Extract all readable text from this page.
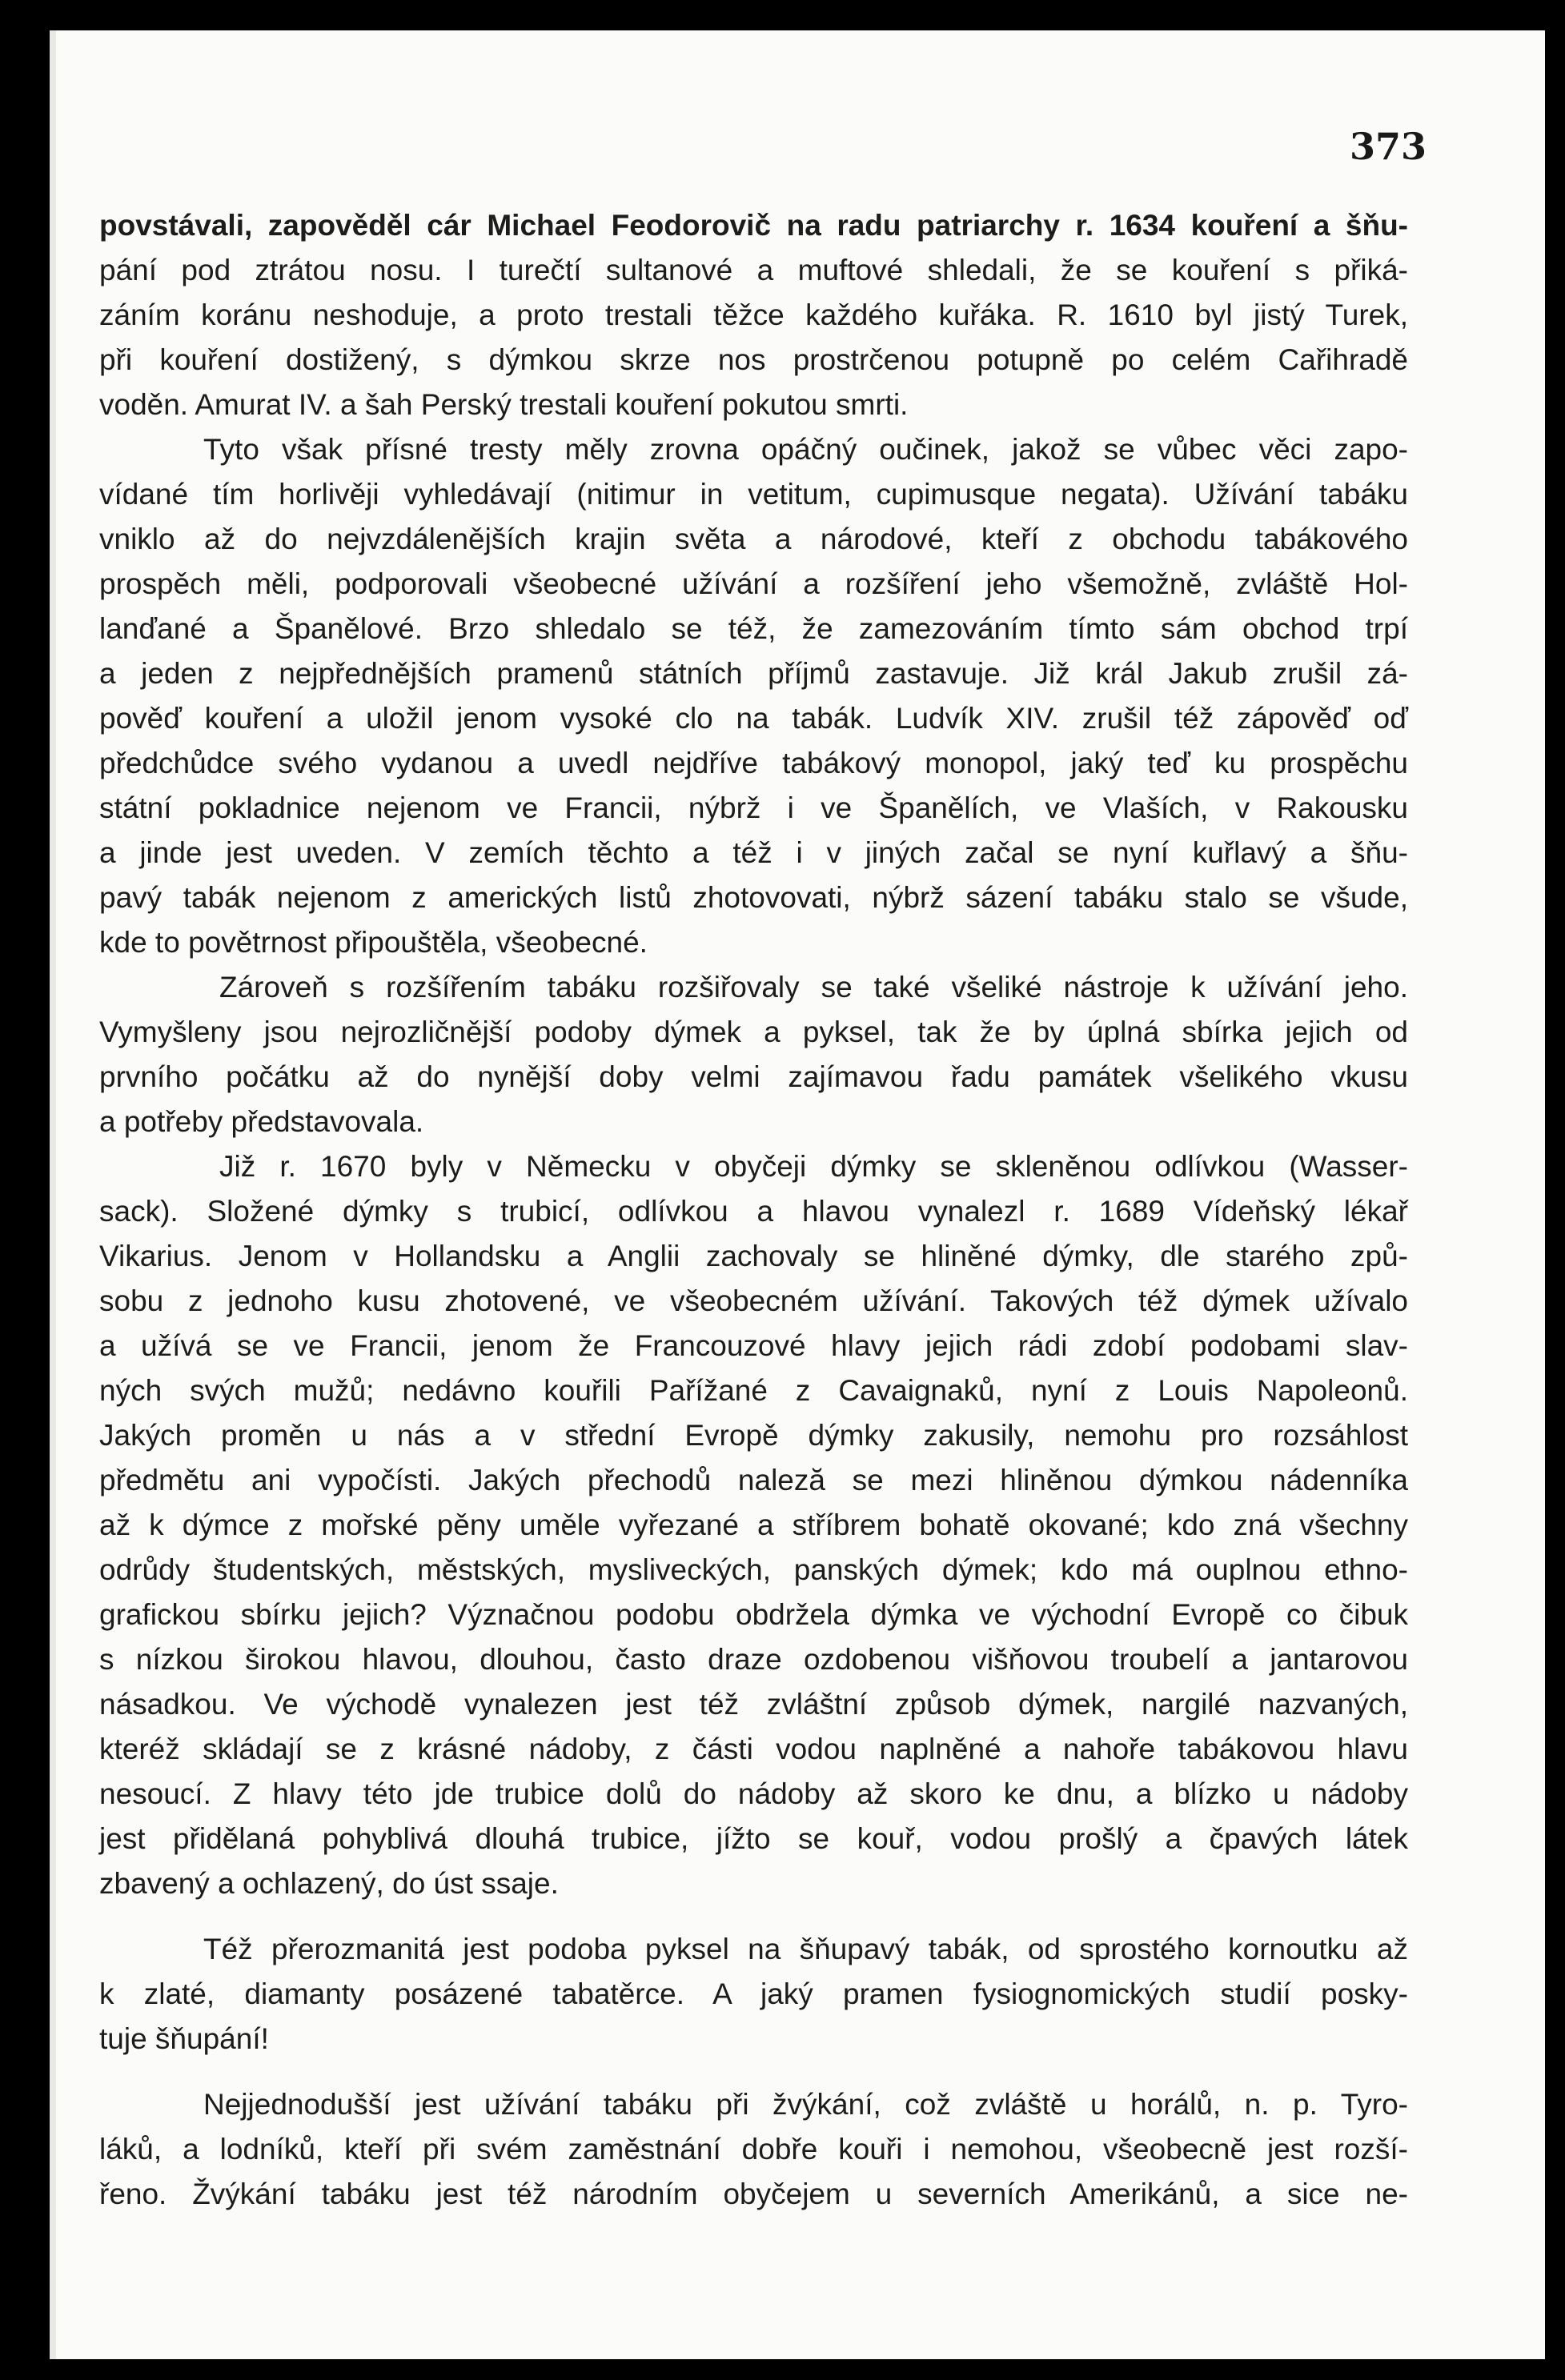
373
povstávali, zapověděl cár Michael Feodorovič na radu patriarchy r. 1634 kouření a šňu-
pání pod ztrátou nosu. I turečtí sultanové a muftové shledali, že se kouření s přiká-
záním koránu neshoduje, a proto trestali těžce každého kuřáka. R. 1610 byl jistý Turek,
při kouření dostižený, s dýmkou skrze nos prostrčenou potupně po celém Cařihradě
voděn. Amurat IV. a šah Perský trestali kouření pokutou smrti.
Tyto však přísné tresty měly zrovna opáčný oučinek, jakož se vůbec věci zapo-
vídané tím horlivěji vyhledávají (nitimur in vetitum, cupimusque negata). Užívání tabáku
vniklo až do nejvzdálenějších krajin světa a národové, kteří z obchodu tabákového
prospěch měli, podporovali všeobecné užívání a rozšíření jeho všemožně, zvláště Hol-
lanďané a Španělové. Brzo shledalo se též, že zamezováním tímto sám obchod trpí
a jeden z nejpřednějších pramenů státních příjmů zastavuje. Již král Jakub zrušil zá-
pověď kouření a uložil jenom vysoké clo na tabák. Ludvík XIV. zrušil též zápověď oď
předchůdce svého vydanou a uvedl nejdříve tabákový monopol, jaký teď ku prospěchu
státní pokladnice nejenom ve Francii, nýbrž i ve Španělích, ve Vlaších, v Rakousku
a jinde jest uveden. V zemích těchto a též i v jiných začal se nyní kuřlavý a šňu-
pavý tabák nejenom z amerických listů zhotovovati, nýbrž sázení tabáku stalo se všude,
kde to povětrnost připouštěla, všeobecné.
Zároveň s rozšířením tabáku rozšiřovaly se také všeliké nástroje k užívání jeho.
Vymyšleny jsou nejrozličnější podoby dýmek a pyksel, tak že by úplná sbírka jejich od
prvního počátku až do nynější doby velmi zajímavou řadu památek všelikého vkusu
a potřeby představovala.
Již r. 1670 byly v Německu v obyčeji dýmky se skleněnou odlívkou (Wasser-
sack). Složené dýmky s trubicí, odlívkou a hlavou vynalezl r. 1689 Vídeňský lékař
Vikarius. Jenom v Hollandsku a Anglii zachovaly se hliněné dýmky, dle starého způ-
sobu z jednoho kusu zhotovené, ve všeobecném užívání. Takových též dýmek užívalo
a užívá se ve Francii, jenom že Francouzové hlavy jejich rádi zdobí podobami slav-
ných svých mužů; nedávno kouřili Pařížané z Cavaignaků, nyní z Louis Napoleonů.
Jakých proměn u nás a v střední Evropě dýmky zakusily, nemohu pro rozsáhlost
předmětu ani vypočísti. Jakých přechodů naleză se mezi hliněnou dýmkou nádenníka
až k dýmce z mořské pěny uměle vyřezané a stříbrem bohatě okované; kdo zná všechny
odrůdy študentských, městských, mysliveckých, panských dýmek; kdo má ouplnou ethno-
grafickou sbírku jejich? Význačnou podobu obdržela dýmka ve východní Evropě co čibuk
s nízkou širokou hlavou, dlouhou, často draze ozdobenou višňovou troubelí a jantarovou
násadkou. Ve východě vynalezen jest též zvláštní způsob dýmek, nargilé nazvaných,
kteréž skládají se z krásné nádoby, z části vodou naplněné a nahoře tabákovou hlavu
nesoucí. Z hlavy této jde trubice dolů do nádoby až skoro ke dnu, a blízko u nádoby
jest přidělaná pohyblivá dlouhá trubice, jížto se kouř, vodou prošlý a čpavých látek
zbavený a ochlazený, do úst ssaje.
Též přerozmanitá jest podoba pyksel na šňupavý tabák, od sprostého kornoutku až
k zlaté, diamanty posázené tabatěrce. A jaký pramen fysiognomických studií posky-
tuje šňupání!
Nejjednodušší jest užívání tabáku při žvýkání, což zvláště u horálů, n. p. Tyro-
láků, a lodníků, kteří při svém zaměstnání dobře kouři i nemohou, všeobecně jest rozší-
řeno. Žvýkání tabáku jest též národním obyčejem u severních Amerikánů, a sice ne-
